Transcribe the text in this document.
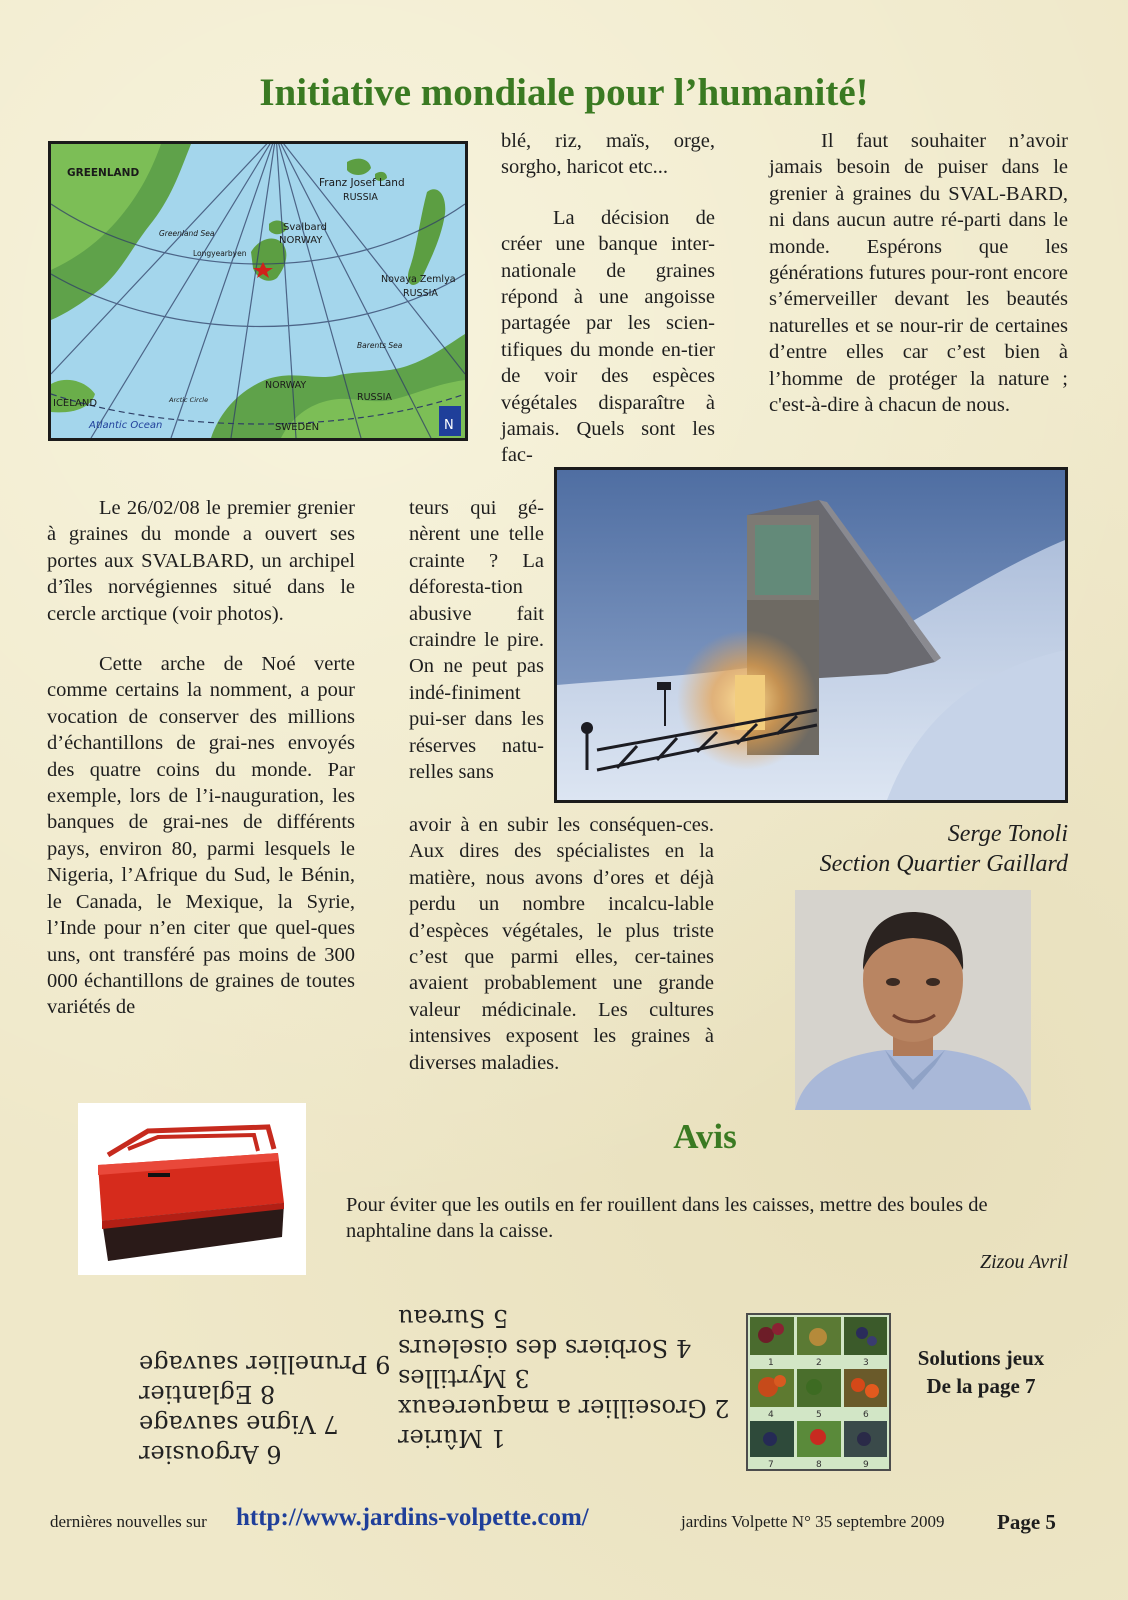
Initiative mondiale pour l’humanité!
GREENLAND
Franz Josef Land
RUSSIA
Greenland Sea
Svalbard
NORWAY
Longyearbyen
Novaya Zemlya
RUSSIA
Barents Sea
NORWAY
RUSSIA
ICELAND	Arctic Circle
Atlantic Ocean	SWEDEN	N

blé, riz, maïs, orge, sorgho, haricot etc...

La décision de créer une banque inter-nationale de graines répond à une angoisse partagée par les scien-tifiques du monde en-tier de voir des espèces végétales disparaître à jamais. Quels sont les fac-

Il faut souhaiter n’avoir jamais besoin de puiser dans le grenier à graines du SVAL-BARD, ni dans aucun autre ré-parti dans le monde. Espérons que les générations futures pour-ront encore s’émerveiller devant les beautés naturelles et se nour-rir de certaines d’entre elles car c’est bien à l’homme de protéger la nature ; c'est-à-dire à chacun de nous.

Le 26/02/08 le premier grenier à graines du monde a ouvert ses portes aux SVALBARD, un archipel d’îles norvégiennes situé dans le cercle arctique (voir photos).

Cette arche de Noé verte comme certains la nomment, a pour vocation de conserver des millions d’échantillons de grai-nes envoyés des quatre coins du monde. Par exemple, lors de l’i-nauguration, les banques de grai-nes de différents pays, environ 80, parmi lesquels le Nigeria, l’Afrique du Sud, le Bénin, le Canada, le Mexique, la Syrie, l’Inde pour n’en citer que quel-ques uns, ont transféré pas moins de 300 000 échantillons de graines de toutes variétés de

teurs qui gé-nèrent une telle crainte ? La déforesta-tion abusive fait craindre le pire. On ne peut pas indé-finiment pui-ser dans les réserves natu-relles sans
avoir à en subir les conséquen-ces. Aux dires des spécialistes en la matière, nous avons d’ores et déjà perdu un nombre incalcu-lable d’espèces végétales, le plus triste c’est que parmi elles, cer-taines avaient probablement une grande valeur médicinale. Les cultures intensives exposent les graines à diverses maladies.
Serge Tonoli
Section Quartier Gaillard
Avis
Pour éviter que les outils en fer rouillent dans les caisses, mettre des boules de naphtaline dans la caisse.
Zizou Avril
1 Mûrier
2 Groseillier a maquereaux
3 Myrtilles
4 Sorbiers des oiseleurs
5 Sureau
6 Argousier
7 Vigne sauvage
8 Eglantier
9 Prunellier sauvage	1	2	3
4	5	6
7	8	9
Solutions jeux
De la page 7
dernières nouvelles sur http://www.jardins-volpette.com/	jardins Volpette N° 35 septembre 2009	Page 5
